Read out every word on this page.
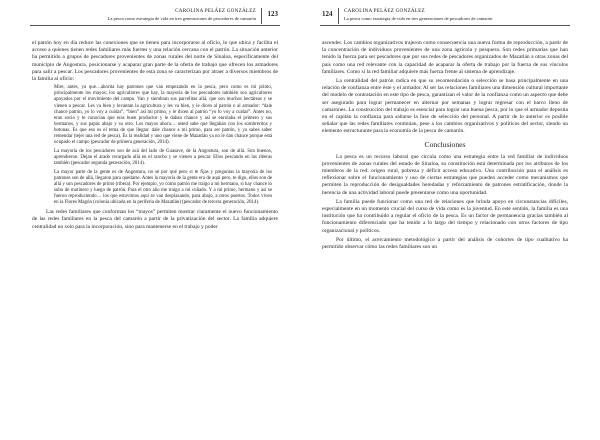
CAROLINA PELÁEZ GONZÁLEZ
La pesca como estrategia de vida en tres generaciones de pescadores de camarón
123

el patrón hoy en día reduce las conexiones que se tienen para incorporarse al oficio, lo que ubica y facilita el acceso a quienes tienen redes familiares más fuertes y una relación cercana con el patrón. La situación anterior ha permitido a grupos de pescadores provenientes de zonas rurales del norte de Sinaloa, específicamente del municipio de Angostura, posicionarse y acaparar gran parte de la oferta de trabajo que ofrecen los armadores para salir a pescar. Los pescadores provenientes de esta zona se caracterizan por atraer a diversos miembros de la familia al oficio:

Mire, antes, ya que…ahorita hay patrones que van empezando en la pesca, pero como es mi primo, principalmente los mayos; los agricultores que hay, la mayoría de los pescadores también son agricultores apoyados por el movimiento del campo. Van y siembran sus parcelitas allá, que son muchos hectáreas y se vienen a pescar. Les va bien y levantan la agricultura y les va bien, y le dicen al patrón o al armador: “dale chance patrón, yo lo voy a cuidar”, “bien” así mi primo, y le dicen al patrón “yo lo voy a cuidar”. Antes no, eran socio y te conocían que eras buen productor y le daban chance y así se enrolaba el primero y sus hermanos, y sus papás abajo y su otro. Los mayos ahora… usted sabe que llegaban con los sombreritos y botonas. Es que eso es el tema de que llegan: dale chance a mi primo, para ser patrón, y ya sabes saber remendar (tejer una red de pesca). Es la realidad y uno que viene de Mazatlán ya no le dan chance porque está ocupado el campo (pescador de primera generación, 2014).

La mayoría de los pescadores son de acá del lado de Guasave, de la Angostura, son de allá. Son buenos, aprendieron. Dejan el arado recargado allá en el rancho y se vienen a pescar. Ellos pescando en las riberas también (pescador segunda generación, 2014).

La mayor parte de la gente es de Angostura, no sé por qué pero si te fijas y preguntas la mayoría de los patrones son de allá, llegaron para quedarse. Antes la mayoría de la gente era de aquí pero, te digo, ellos son de allá y son pescadores de primo (ribera). Por ejemplo, yo como patrón me traigo a mi hermano, si hay chance lo subo de marinero y luego de patrón. Para el otro año me traigo a mi cuñado. Y a mi primo, hermano y así se fueron reproduciendo… los que estuvimos aquí se van desplazando, para abajo, a otros puertos. Todos viven en la Flores Magón (colonia ubicada en la periferia de Mazatlán) (pescador de tercera generación, 2014).

Las redes familiares que conforman los “mayos” permiten mostrar claramente el nuevo funcionamiento de las redes familiares en la pesca del camarón a partir de la privatización del sector. La familia adquiere centralidad no solo para la incorporación, sino para mantenerse en el trabajo y poder

124 CAROLINA PELÁEZ GONZÁLEZ
La pesca como estrategia de vida en tres generaciones de pescadores de camarón

ascender. Los cambios organizativos trajeron como consecuencia una nueva forma de reproducción, a partir de la concentración de individuos provenientes de una zona agrícola y pesquera. Son redes primarias que han tenido la fuerza para ser pescadores que por sus redes de pescadores organizados de Mazatlán a otras zonas del país como una red relevante con la capacidad de acaparar la oferta de trabajo por la fuerza de sus vínculos familiares. Como si la red familiar adquiere más fuerza frente al sistema de aprendizaje.

La centralidad del patrón radica en que su recomendación o selección se basa principalmente en una relación de confianza entre éste y el armador. Al ser las relaciones familiares una dimensión cultural importante del modelo de contratación en este tipo de pesca, garantizan el valor de la confianza como un aspecto que debe ser asegurado para lograr permanecer en alternar por semanas y lograr regresar con el barco lleno de camarones. La construcción del trabajo es esencial para lograr una buena pesca, por lo que el armador deposita en el capitán la confianza para saltarse la fase de selección del personal. A partir de lo anterior es posible señalar que las redes familiares continúan, pese a los cambios organizativos y políticos del sector, siendo un elemento estructurante para la economía de la pesca de camarón.

Conclusiones

La pesca es un recurso laboral que circula como una estrategia entre la red familiar de individuos provenientes de zonas rurales del estado de Sinaloa, su constitución está determinada por los atributos de los miembros de la red: origen rural, pobreza y déficit acceso educativo. Una contribución para el análisis es reflexionar sobre el funcionamiento y uso de ciertas estrategias que pueden acceder como mecanismos que permiten la reproducción de desigualdades heredadas y reforzamiento de patrones estratificación, donde la herencia de una actividad laboral puede presentarse como una oportunidad.

La familia puede funcionar como una red de relaciones que brinda apoyo en circunstancias difíciles, especialmente en un momento crucial del curso de vida como es la juventud. En este sentido, la familia es una institución que ha contribuido a regular el oficio de la pesca. Es un factor de permanencia gracias también al funcionamiento diferenciado que ha tenido a lo largo del tiempo y relacionado con otros factores de tipo organizacional y políticos.

Por último, el acercamiento metodológico a partir del análisis de cohortes de tipo cualitativo ha permitido observar cómo las redes familiares son un
